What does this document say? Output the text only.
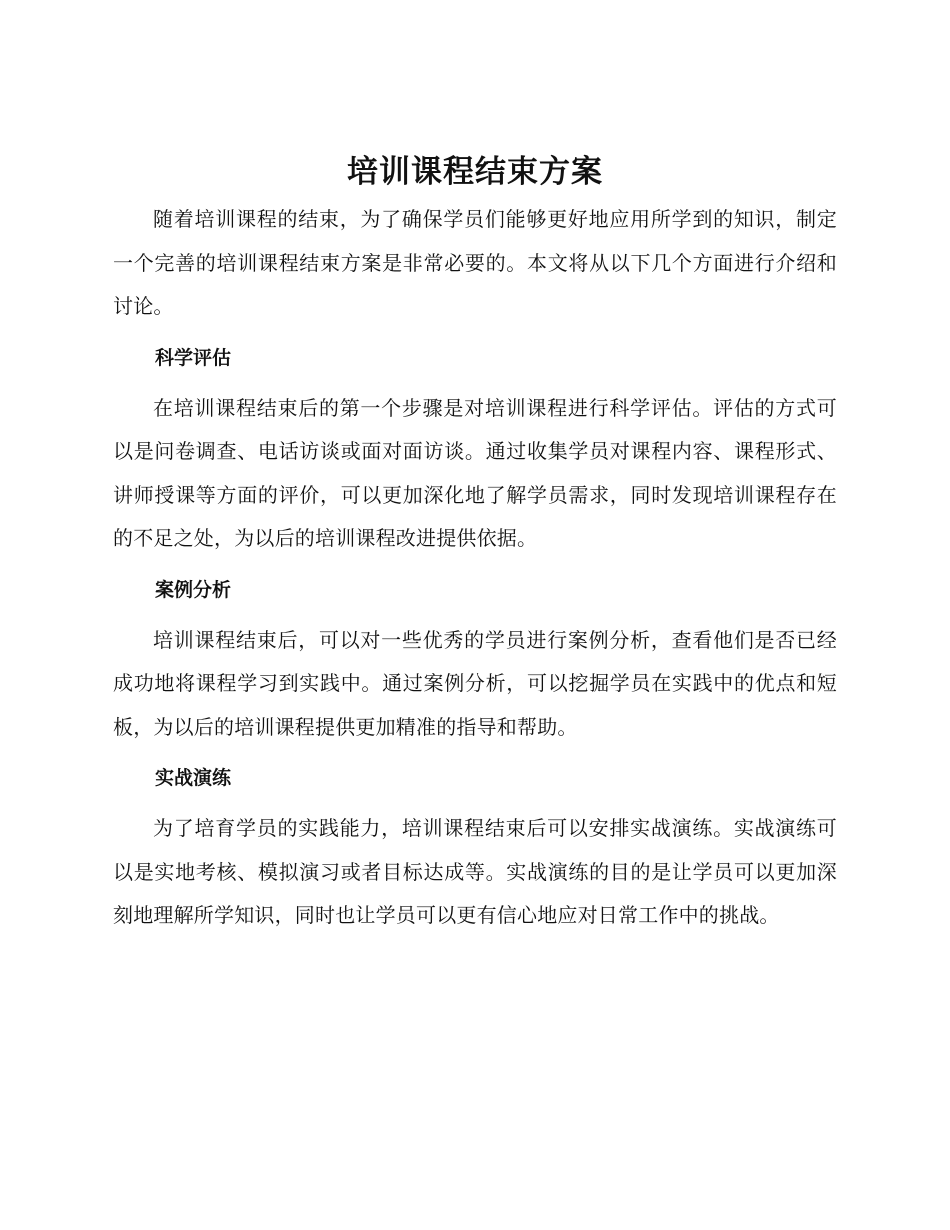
培训课程结束方案

随着培训课程的结束，为了确保学员们能够更好地应用所学到的知识，制定一个完善的培训课程结束方案是非常必要的。本文将从以下几个方面进行介绍和讨论。

科学评估

在培训课程结束后的第一个步骤是对培训课程进行科学评估。评估的方式可以是问卷调查、电话访谈或面对面访谈。通过收集学员对课程内容、课程形式、讲师授课等方面的评价，可以更加深化地了解学员需求，同时发现培训课程存在的不足之处，为以后的培训课程改进提供依据。

案例分析

培训课程结束后，可以对一些优秀的学员进行案例分析，查看他们是否已经成功地将课程学习到实践中。通过案例分析，可以挖掘学员在实践中的优点和短板，为以后的培训课程提供更加精准的指导和帮助。

实战演练

为了培育学员的实践能力，培训课程结束后可以安排实战演练。实战演练可以是实地考核、模拟演习或者目标达成等。实战演练的目的是让学员可以更加深刻地理解所学知识，同时也让学员可以更有信心地应对日常工作中的挑战。
